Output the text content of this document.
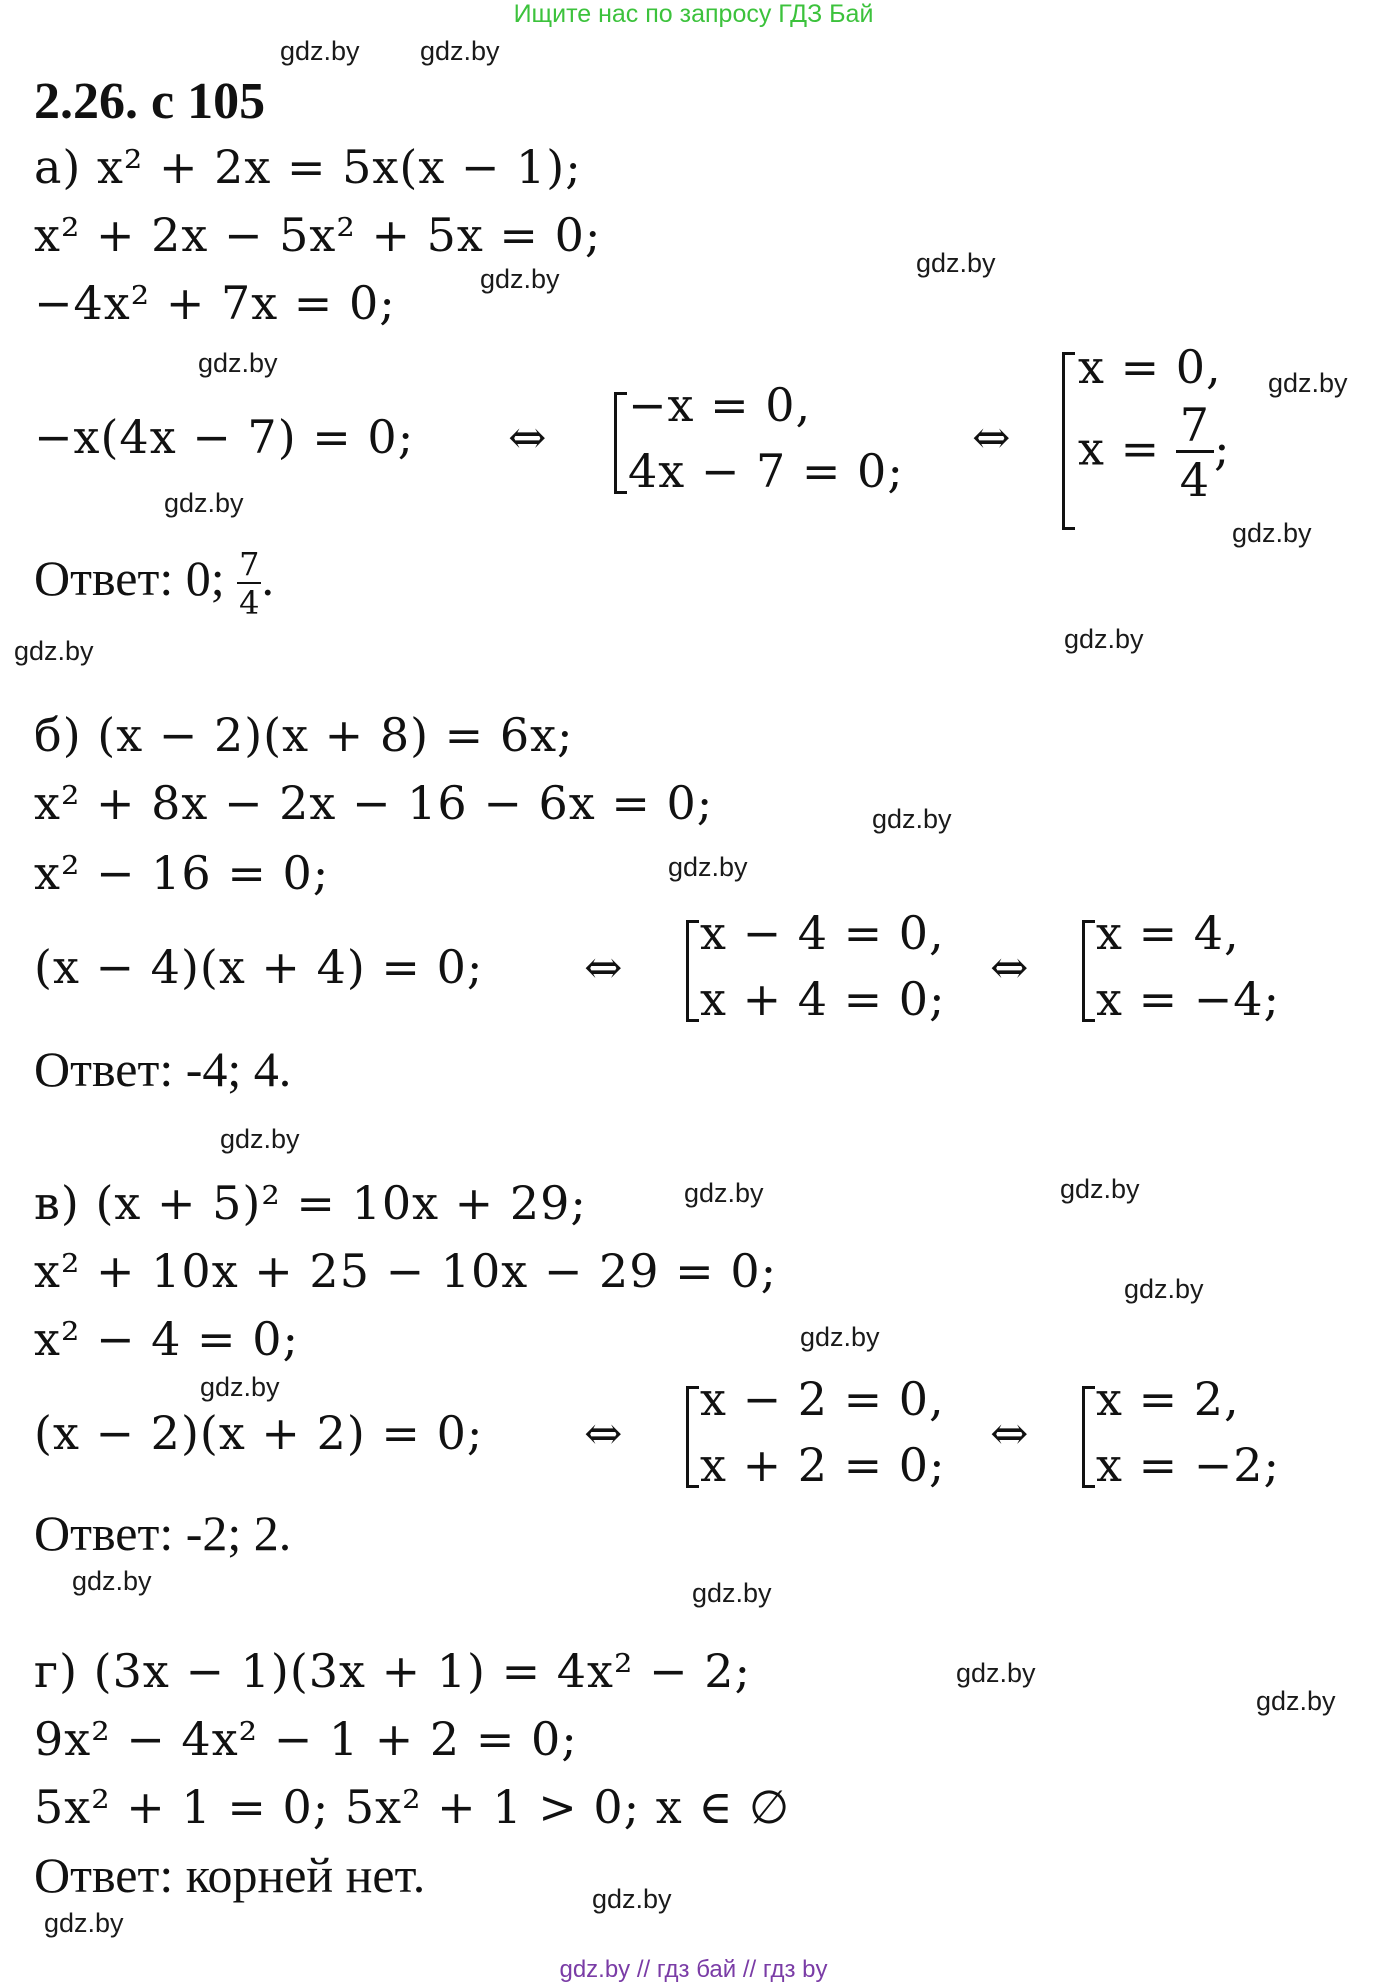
Ищите нас по запросу ГДЗ Бай
2.26. с 105
а) x² + 2x = 5x(x − 1);
x² + 2x − 5x² + 5x = 0;
−4x² + 7x = 0;
−x(4x − 7) = 0; ⇔
−x = 0,
4x − 7 = 0;
⇔
x = 0,
$x = \frac{7}{4}$ ;
Ответ: 0; $\frac{7}{4}$ .
б) (x − 2)(x + 8) = 6x;
x² + 8x − 2x − 16 − 6x = 0;
x² − 16 = 0;
(x − 4)(x + 4) = 0; ⇔
x − 4 = 0,
x + 4 = 0;
⇔
x = 4,
x = −4;
Ответ: -4; 4.
в) (x + 5)² = 10x + 29;
x² + 10x + 25 − 10x − 29 = 0;
x² − 4 = 0;
(x − 2)(x + 2) = 0; ⇔
x − 2 = 0,
x + 2 = 0;
⇔
x = 2,
x = −2;
Ответ: -2; 2.
г) (3x − 1)(3x + 1) = 4x² − 2;
9x² − 4x² − 1 + 2 = 0;
5x² + 1 = 0; 5x² + 1 > 0; x ∈ ∅
Ответ: корней нет.
gdz.by gdz.by
gdz.by
gdz.by
gdz.by
gdz.by
gdz.by
gdz.by
gdz.by	gdz.by
gdz.by
gdz.by
gdz.by
gdz.by	gdz.by
gdz.by
gdz.by
gdz.by
gdz.by	gdz.by
gdz.by
gdz.by
gdz.by
gdz.by
gdz.by // гдз бай // гдз by
